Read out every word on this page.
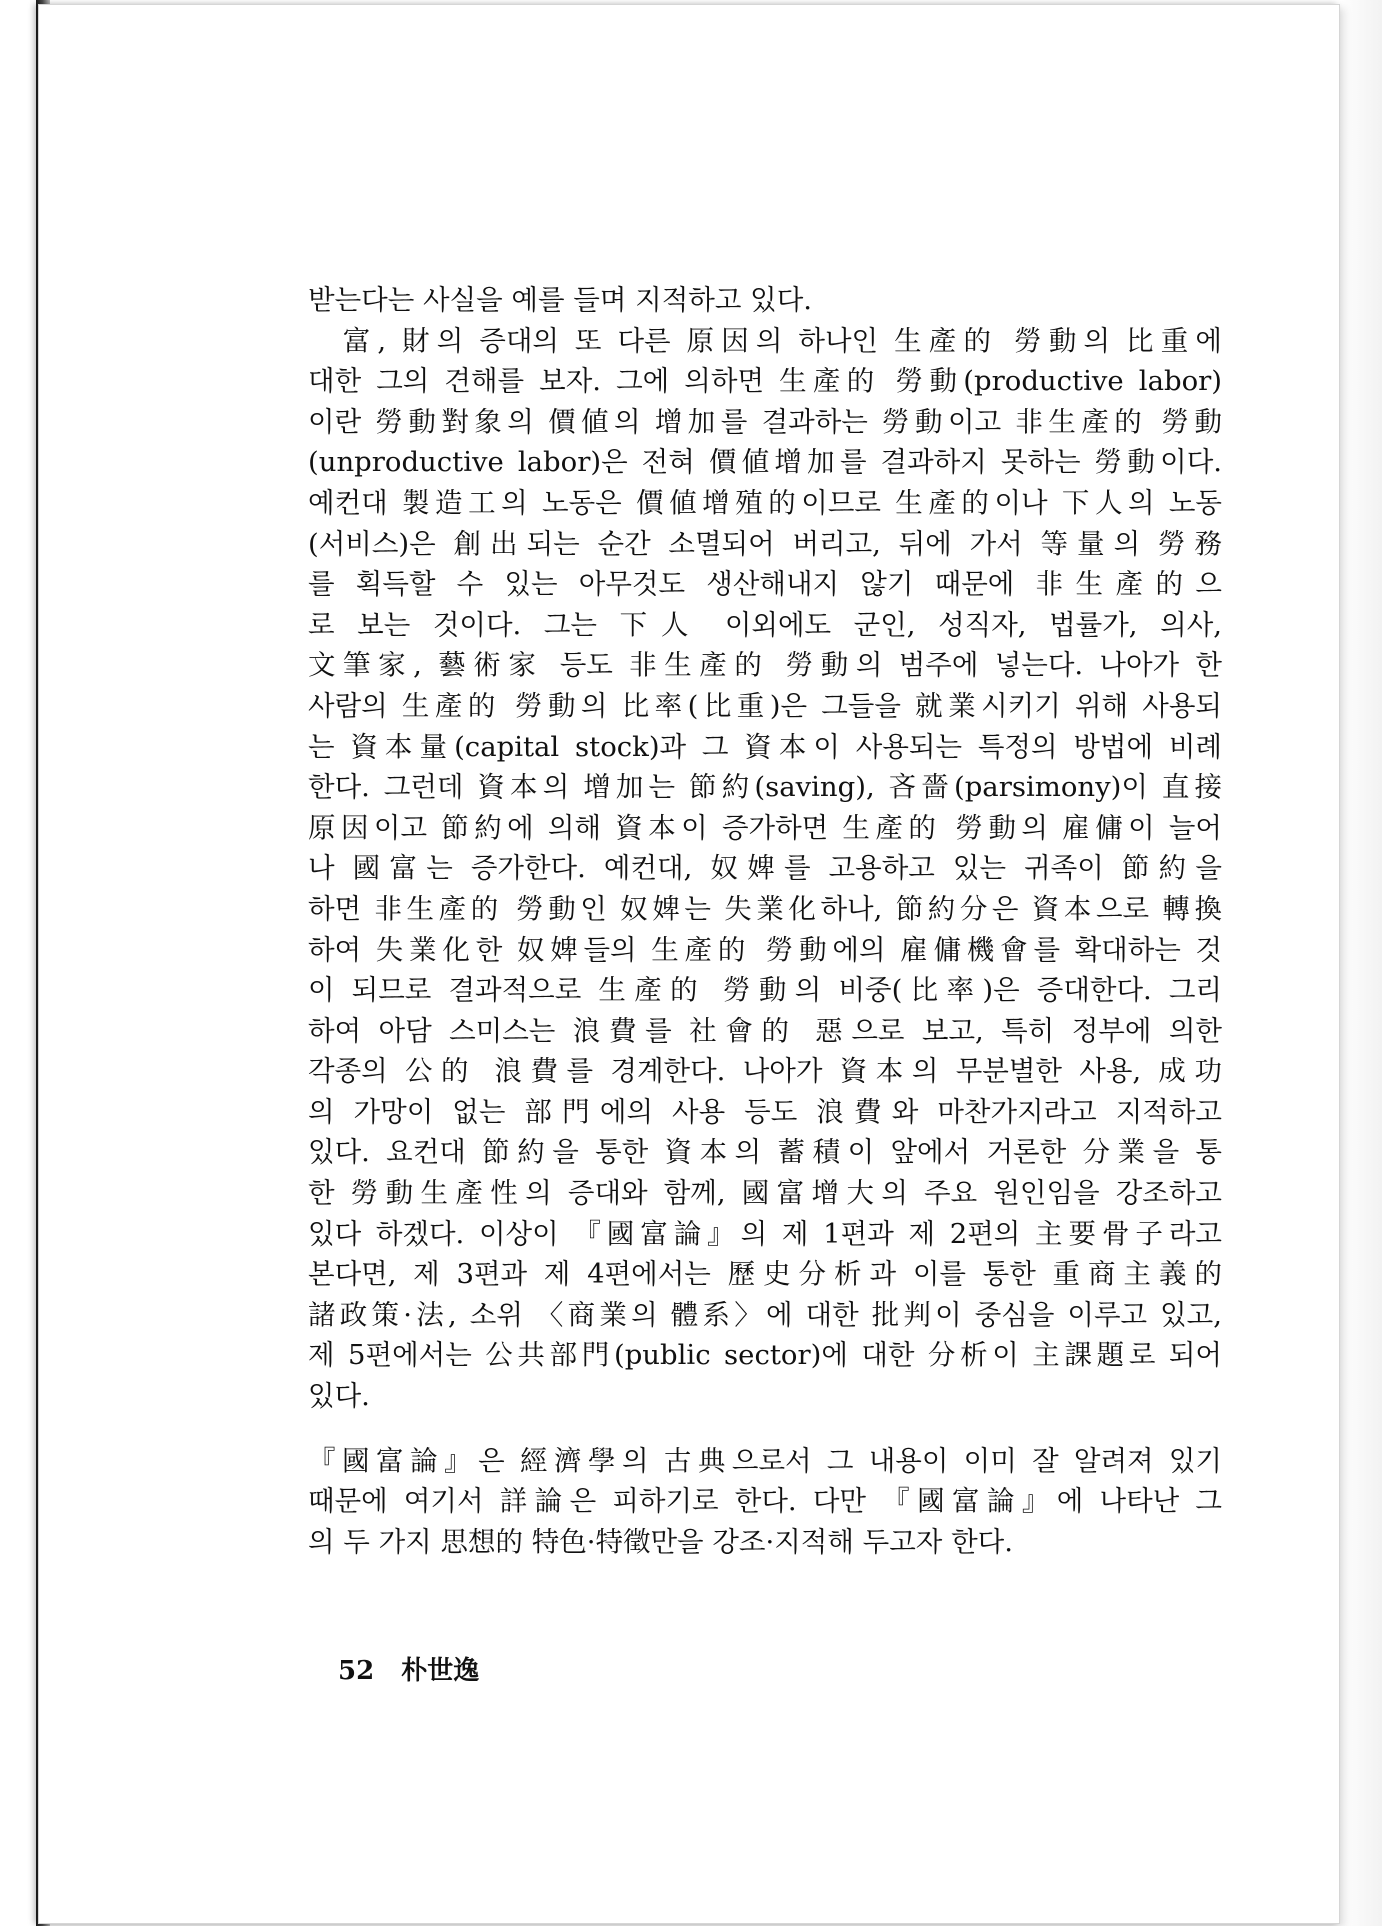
받는다는 사실을 예를 들며 지적하고 있다.
　富, 財의 증대의 또 다른 原因의 하나인 生產的 勞動의 比重에
대한 그의 견해를 보자. 그에 의하면 生產的 勞動(productive labor)
이란 勞動對象의 價値의 增加를 결과하는 勞動이고 非生產的 勞動
(unproductive labor)은 전혀 價値增加를 결과하지 못하는 勞動이다.
예컨대 製造工의 노동은 價値增殖的이므로 生產的이나 下人의 노동
(서비스)은 創出되는 순간 소멸되어 버리고, 뒤에 가서 等量의 勞務
를 획득할 수 있는 아무것도 생산해내지 않기 때문에 非生產的으
로 보는 것이다. 그는 下人 이외에도 군인, 성직자, 법률가, 의사,
文筆家, 藝術家 등도 非生產的 勞動의 범주에 넣는다. 나아가 한
사람의 生產的 勞動의 比率(比重)은 그들을 就業시키기 위해 사용되
는 資本量(capital stock)과 그 資本이 사용되는 특정의 방법에 비례
한다. 그런데 資本의 增加는 節約(saving), 吝嗇(parsimony)이 直接
原因이고 節約에 의해 資本이 증가하면 生產的 勞動의 雇傭이 늘어
나 國富는 증가한다. 예컨대, 奴婢를 고용하고 있는 귀족이 節約을
하면 非生產的 勞動인 奴婢는 失業化하나, 節約分은 資本으로 轉換
하여 失業化한 奴婢들의 生產的 勞動에의 雇傭機會를 확대하는 것
이 되므로 결과적으로 生產的 勞動의 비중(比率)은 증대한다. 그리
하여 아담 스미스는 浪費를 社會的 惡으로 보고, 특히 정부에 의한
각종의 公的 浪費를 경계한다. 나아가 資本의 무분별한 사용, 成功
의 가망이 없는 部門에의 사용 등도 浪費와 마찬가지라고 지적하고
있다. 요컨대 節約을 통한 資本의 蓄積이 앞에서 거론한 分業을 통
한 勞動生產性의 증대와 함께, 國富增大의 주요 원인임을 강조하고
있다 하겠다. 이상이 『國富論』의 제 1편과 제 2편의 主要骨子라고
본다면, 제 3편과 제 4편에서는 歷史分析과 이를 통한 重商主義的
諸政策·法, 소위 〈商業의 體系〉에 대한 批判이 중심을 이루고 있고,
제 5편에서는 公共部門(public sector)에 대한 分析이 主課題로 되어
있다.
『國富論』은 經濟學의 古典으로서 그 내용이 이미 잘 알려져 있기
때문에 여기서 詳論은 피하기로 한다. 다만 『國富論』에 나타난 그
의 두 가지 思想的 特色·特徵만을 강조·지적해 두고자 한다.
52 朴世逸
